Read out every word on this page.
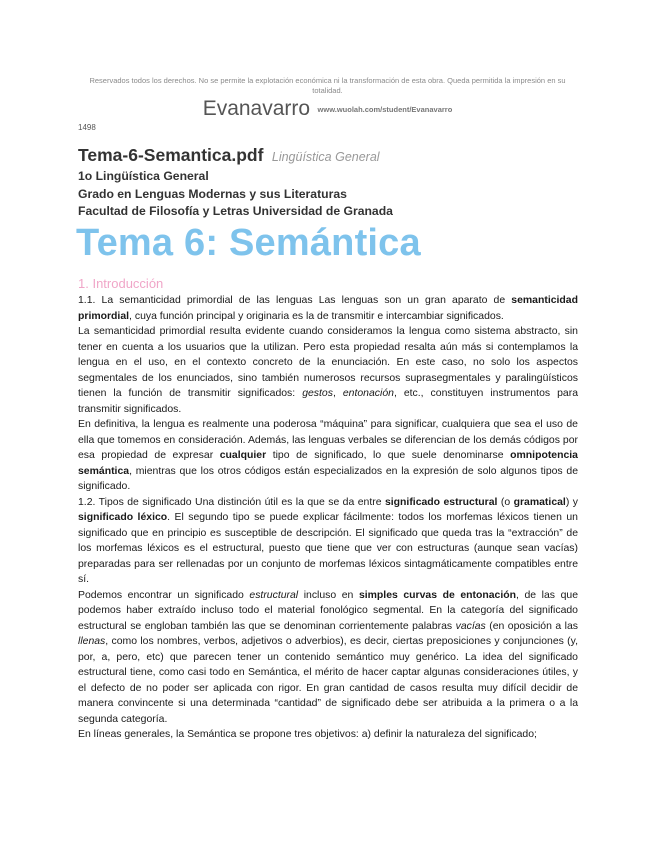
Reservados todos los derechos. No se permite la explotación económica ni la transformación de esta obra. Queda permitida la impresión en su totalidad.
Evanavarro www.wuolah.com/student/Evanavarro
1498
Tema-6-Semantica.pdf Lingüística General
1o Lingüística General
Grado en Lenguas Modernas y sus Literaturas
Facultad de Filosofía y Letras Universidad de Granada
Tema 6: Semántica
1. Introducción

1.1. La semanticidad primordial de las lenguas Las lenguas son un gran aparato de semanticidad primordial, cuya función principal y originaria es la de transmitir e intercambiar significados.

La semanticidad primordial resulta evidente cuando consideramos la lengua como sistema abstracto, sin tener en cuenta a los usuarios que la utilizan. Pero esta propiedad resalta aún más si contemplamos la lengua en el uso, en el contexto concreto de la enunciación. En este caso, no solo los aspectos segmentales de los enunciados, sino también numerosos recursos suprasegmentales y paralingüísticos tienen la función de transmitir significados: gestos, entonación, etc., constituyen instrumentos para transmitir significados.

En definitiva, la lengua es realmente una poderosa “máquina” para significar, cualquiera que sea el uso de ella que tomemos en consideración. Además, las lenguas verbales se diferencian de los demás códigos por esa propiedad de expresar cualquier tipo de significado, lo que suele denominarse omnipotencia semántica, mientras que los otros códigos están especializados en la expresión de solo algunos tipos de significado.

1.2. Tipos de significado Una distinción útil es la que se da entre significado estructural (o gramatical) y significado léxico. El segundo tipo se puede explicar fácilmente: todos los morfemas léxicos tienen un significado que en principio es susceptible de descripción. El significado que queda tras la “extracción” de los morfemas léxicos es el estructural, puesto que tiene que ver con estructuras (aunque sean vacías) preparadas para ser rellenadas por un conjunto de morfemas léxicos sintagmáticamente compatibles entre sí.

Podemos encontrar un significado estructural incluso en simples curvas de entonación, de las que podemos haber extraído incluso todo el material fonológico segmental. En la categoría del significado estructural se engloban también las que se denominan corrientemente palabras vacías (en oposición a las llenas, como los nombres, verbos, adjetivos o adverbios), es decir, ciertas preposiciones y conjunciones (y, por, a, pero, etc) que parecen tener un contenido semántico muy genérico. La idea del significado estructural tiene, como casi todo en Semántica, el mérito de hacer captar algunas consideraciones útiles, y el defecto de no poder ser aplicada con rigor. En gran cantidad de casos resulta muy difícil decidir de manera convincente si una determinada “cantidad” de significado debe ser atribuida a la primera o a la segunda categoría.

En líneas generales, la Semántica se propone tres objetivos: a) definir la naturaleza del significado;
